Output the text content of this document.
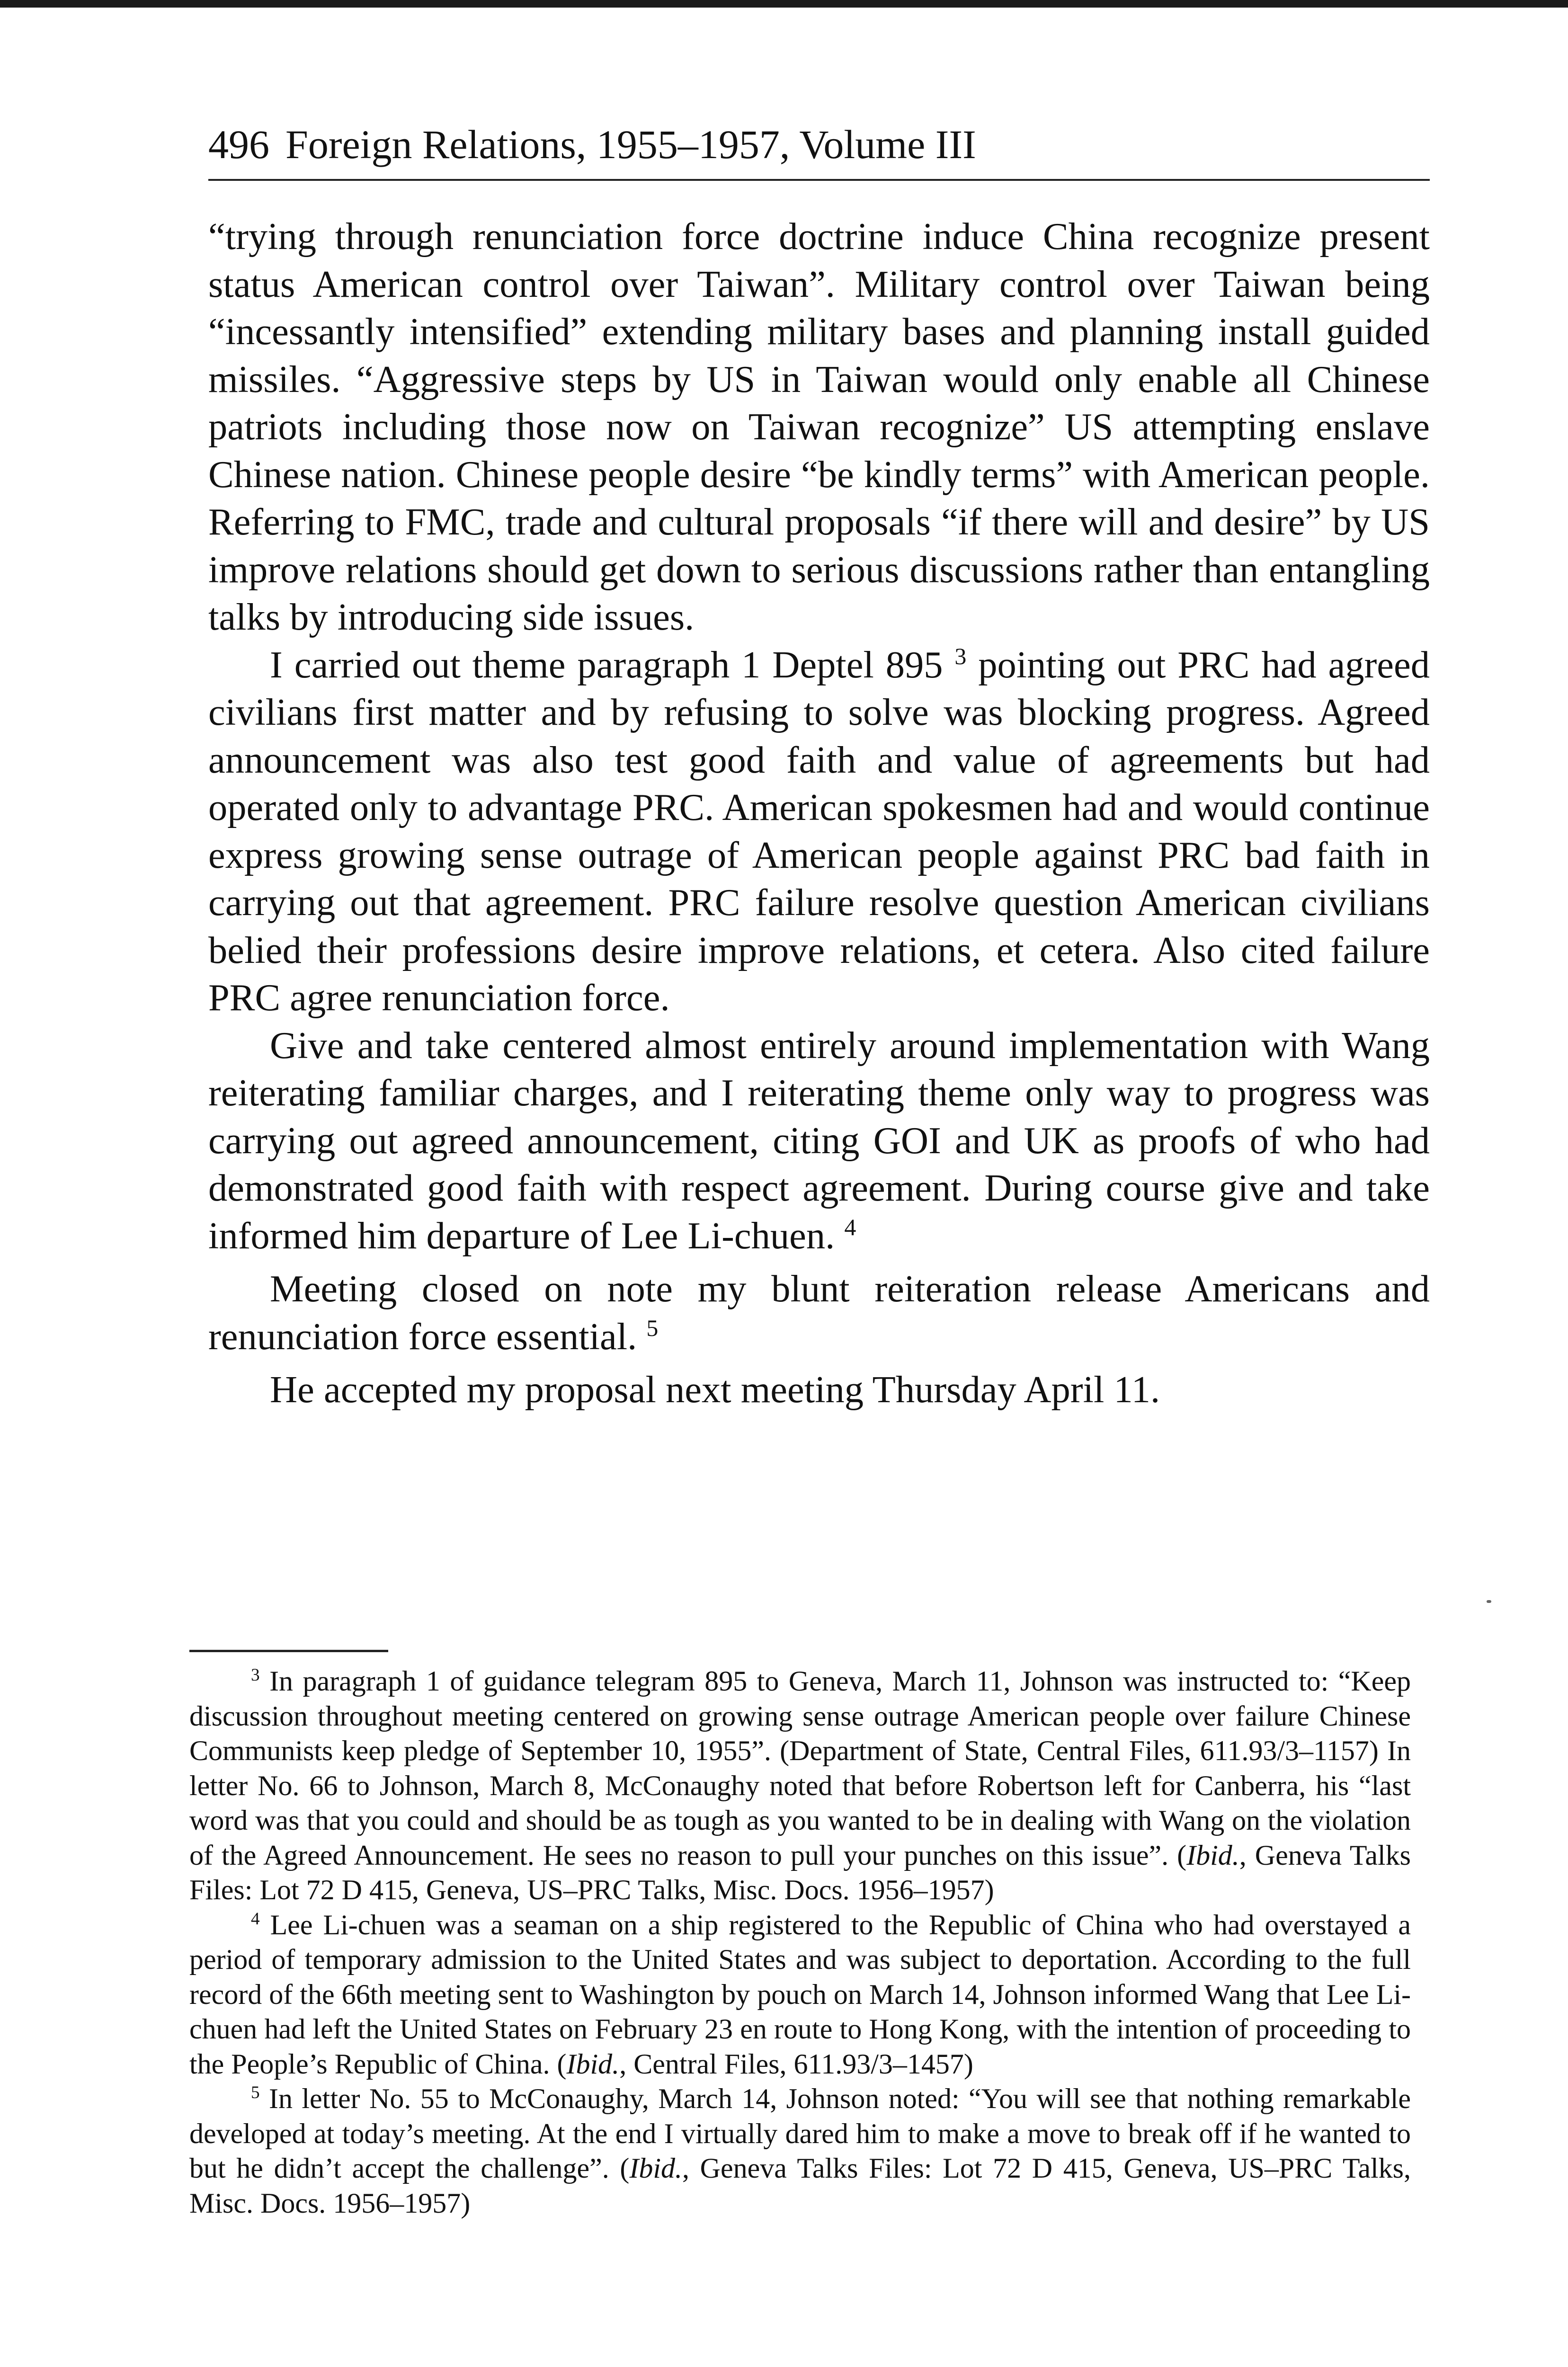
496 Foreign Relations, 1955–1957, Volume III

“trying through renunciation force doctrine induce China recognize present status American control over Taiwan”. Military control over Taiwan being “incessantly intensified” extending military bases and planning install guided missiles. “Aggressive steps by US in Taiwan would only enable all Chinese patriots including those now on Taiwan recognize” US attempting enslave Chinese nation. Chinese people desire “be kindly terms” with American people. Referring to FMC, trade and cultural proposals “if there will and desire” by US improve relations should get down to serious discussions rather than entangling talks by introducing side issues.

I carried out theme paragraph 1 Deptel 895 $^3$ pointing out PRC had agreed civilians first matter and by refusing to solve was blocking progress. Agreed announcement was also test good faith and value of agreements but had operated only to advantage PRC. American spokesmen had and would continue express growing sense outrage of American people against PRC bad faith in carrying out that agreement. PRC failure resolve question American civilians belied their professions desire improve relations, et cetera. Also cited failure PRC agree renunciation force.

Give and take centered almost entirely around implementation with Wang reiterating familiar charges, and I reiterating theme only way to progress was carrying out agreed announcement, citing GOI and UK as proofs of who had demonstrated good faith with respect agreement. During course give and take informed him departure of Lee Li-chuen. $^4$

Meeting closed on note my blunt reiteration release Americans and renunciation force essential. $^5$

He accepted my proposal next meeting Thursday April 11.

$^3$ In paragraph 1 of guidance telegram 895 to Geneva, March 11, Johnson was instructed to: “Keep discussion throughout meeting centered on growing sense outrage American people over failure Chinese Communists keep pledge of September 10, 1955”. (Department of State, Central Files, 611.93/3–1157) In letter No. 66 to Johnson, March 8, McConaughy noted that before Robertson left for Canberra, his “last word was that you could and should be as tough as you wanted to be in dealing with Wang on the violation of the Agreed Announcement. He sees no reason to pull your punches on this issue”. (Ibid., Geneva Talks Files: Lot 72 D 415, Geneva, US–PRC Talks, Misc. Docs. 1956–1957)

$^4$ Lee Li-chuen was a seaman on a ship registered to the Republic of China who had overstayed a period of temporary admission to the United States and was subject to deportation. According to the full record of the 66th meeting sent to Washington by pouch on March 14, Johnson informed Wang that Lee Li-chuen had left the United States on February 23 en route to Hong Kong, with the intention of proceeding to the People’s Republic of China. (Ibid., Central Files, 611.93/3–1457)

$^5$ In letter No. 55 to McConaughy, March 14, Johnson noted: “You will see that nothing remarkable developed at today’s meeting. At the end I virtually dared him to make a move to break off if he wanted to but he didn’t accept the challenge”. (Ibid., Geneva Talks Files: Lot 72 D 415, Geneva, US–PRC Talks, Misc. Docs. 1956–1957)
